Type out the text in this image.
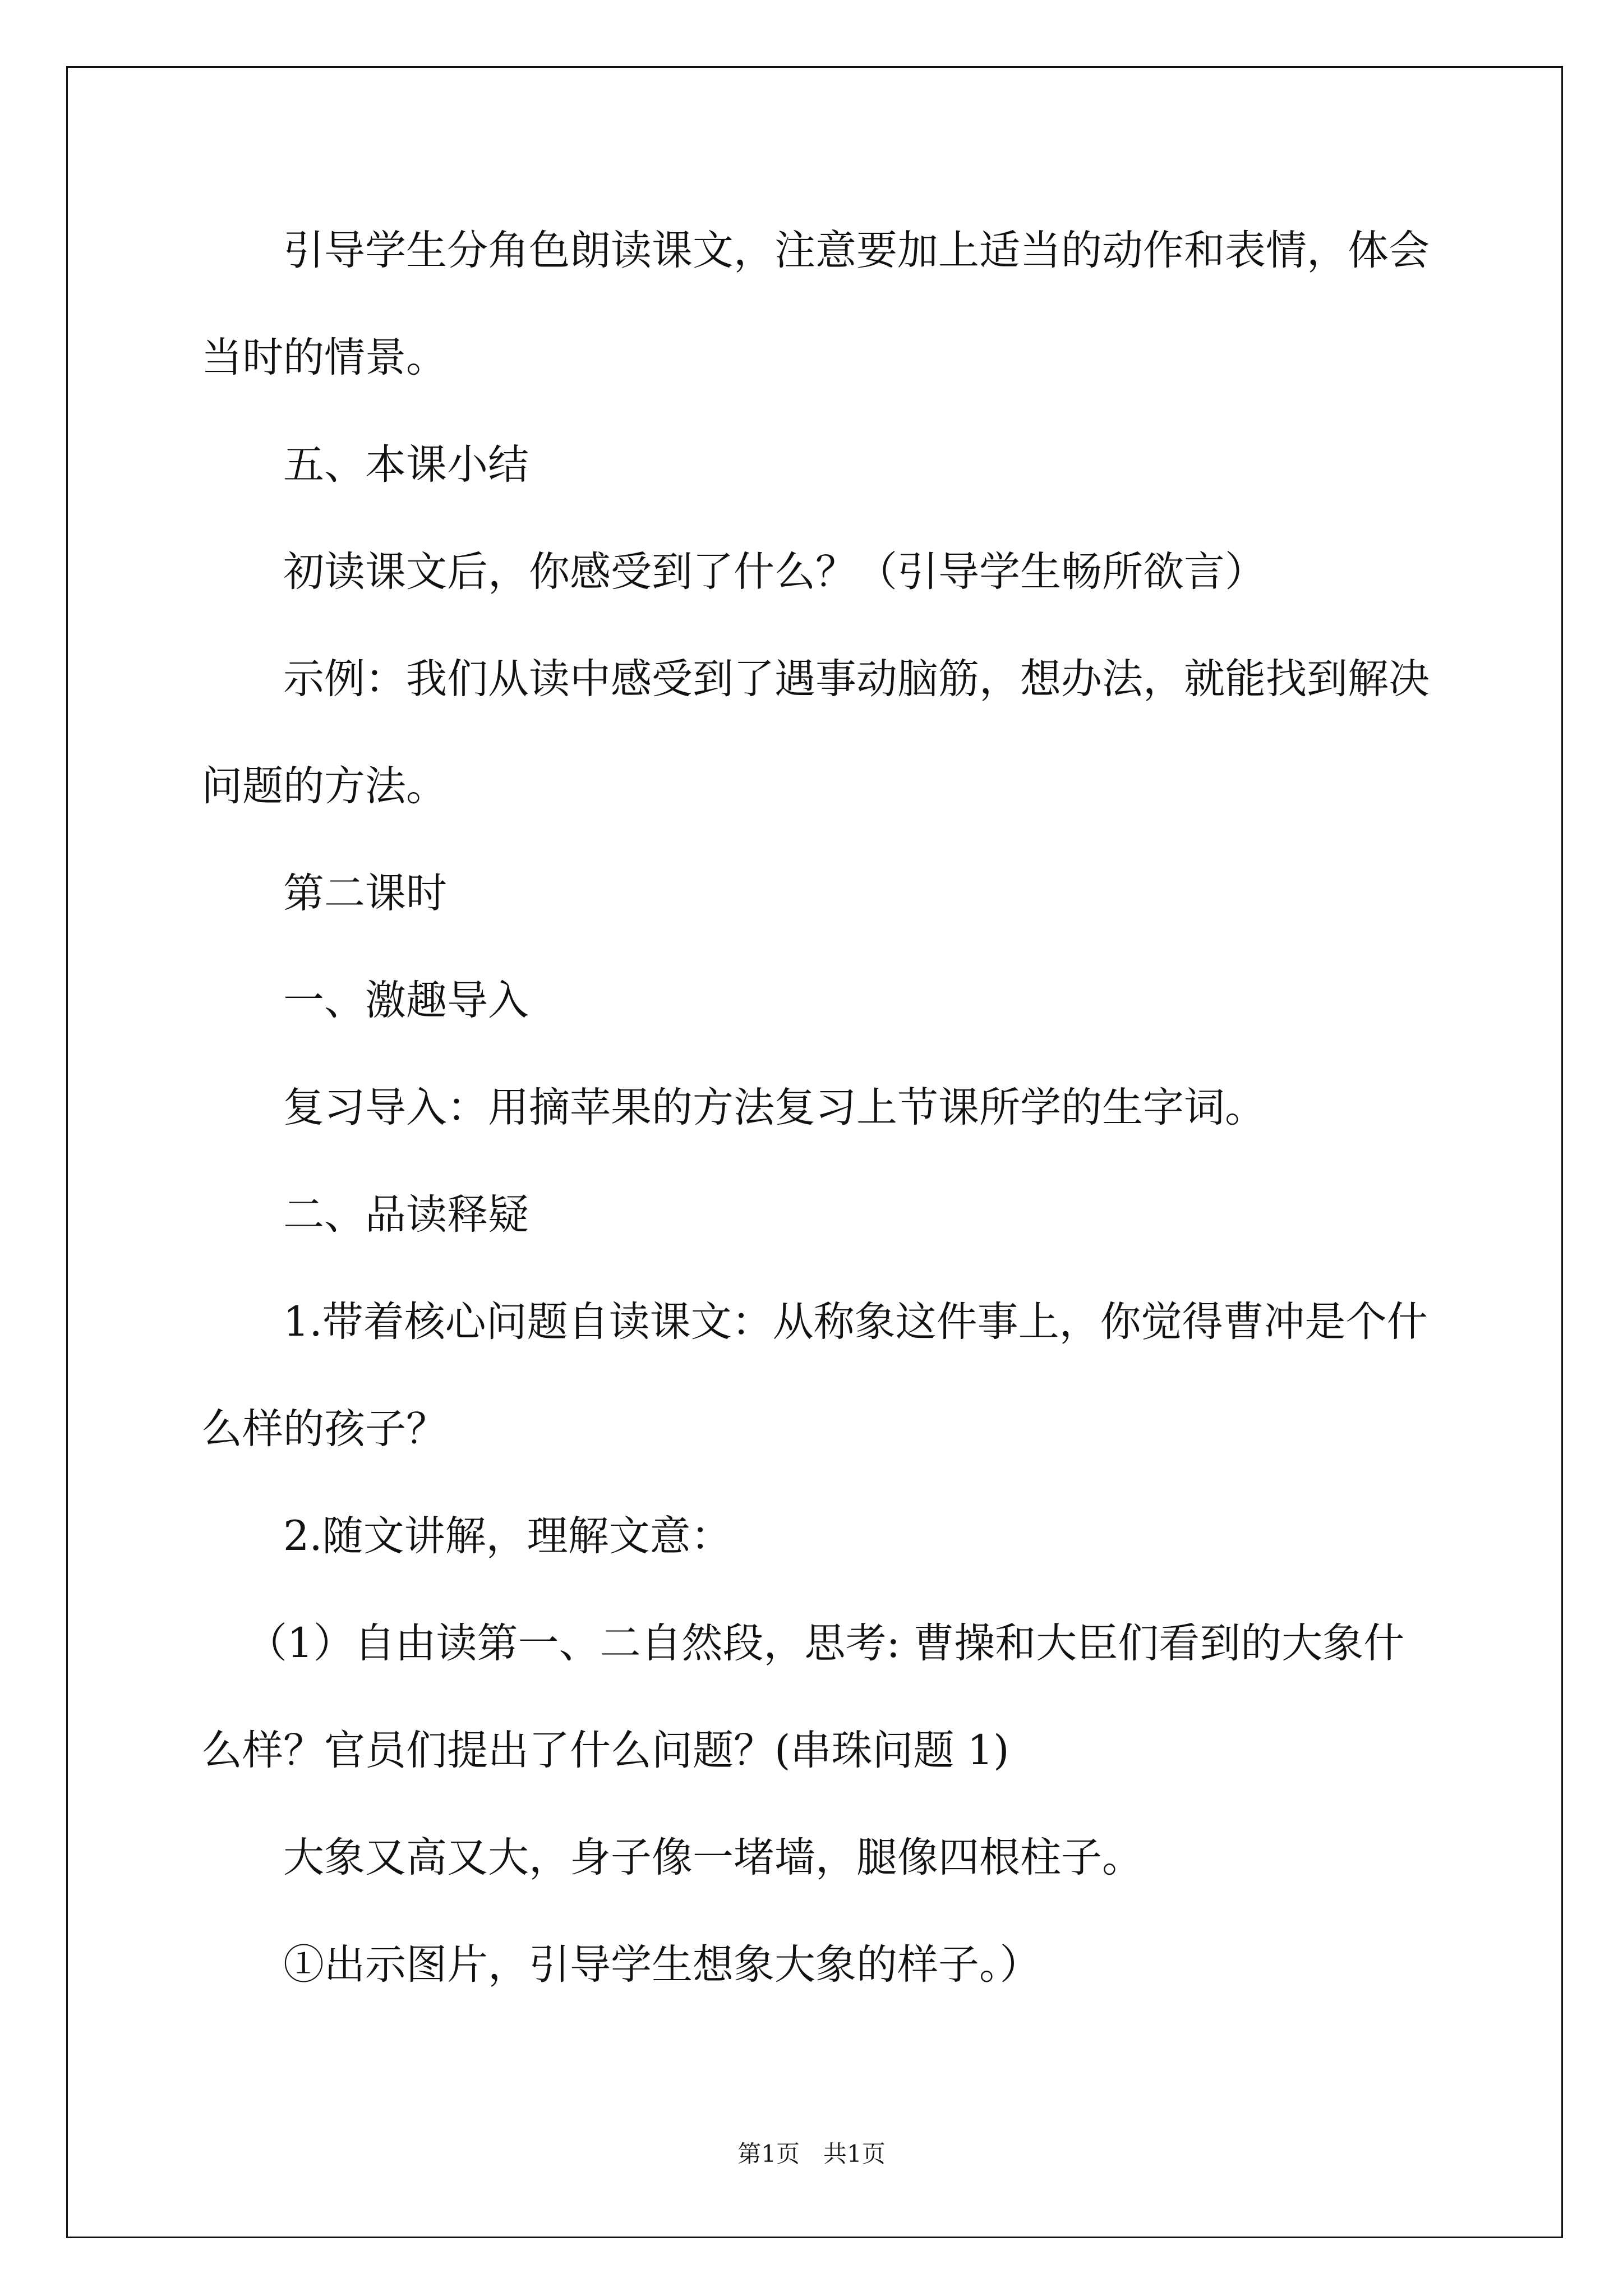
引导学生分角色朗读课文，注意要加上适当的动作和表情，体会
当时的情景。
五、本课小结
初读课文后，你感受到了什么？（引导学生畅所欲言）
示例：我们从读中感受到了遇事动脑筋，想办法，就能找到解决
问题的方法。
第二课时
一、激趣导入
复习导入：用摘苹果的方法复习上节课所学的生字词。
二、品读释疑
1.带着核心问题自读课文：从称象这件事上，你觉得曹冲是个什
么样的孩子？
2.随文讲解，理解文意：
（1）自由读第一、二自然段，思考: 曹操和大臣们看到的大象什
么样？官员们提出了什么问题？(串珠问题 1)
大象又高又大，身子像一堵墙，腿像四根柱子。
①出示图片，引导学生想象大象的样子。）
第1页　共1页
